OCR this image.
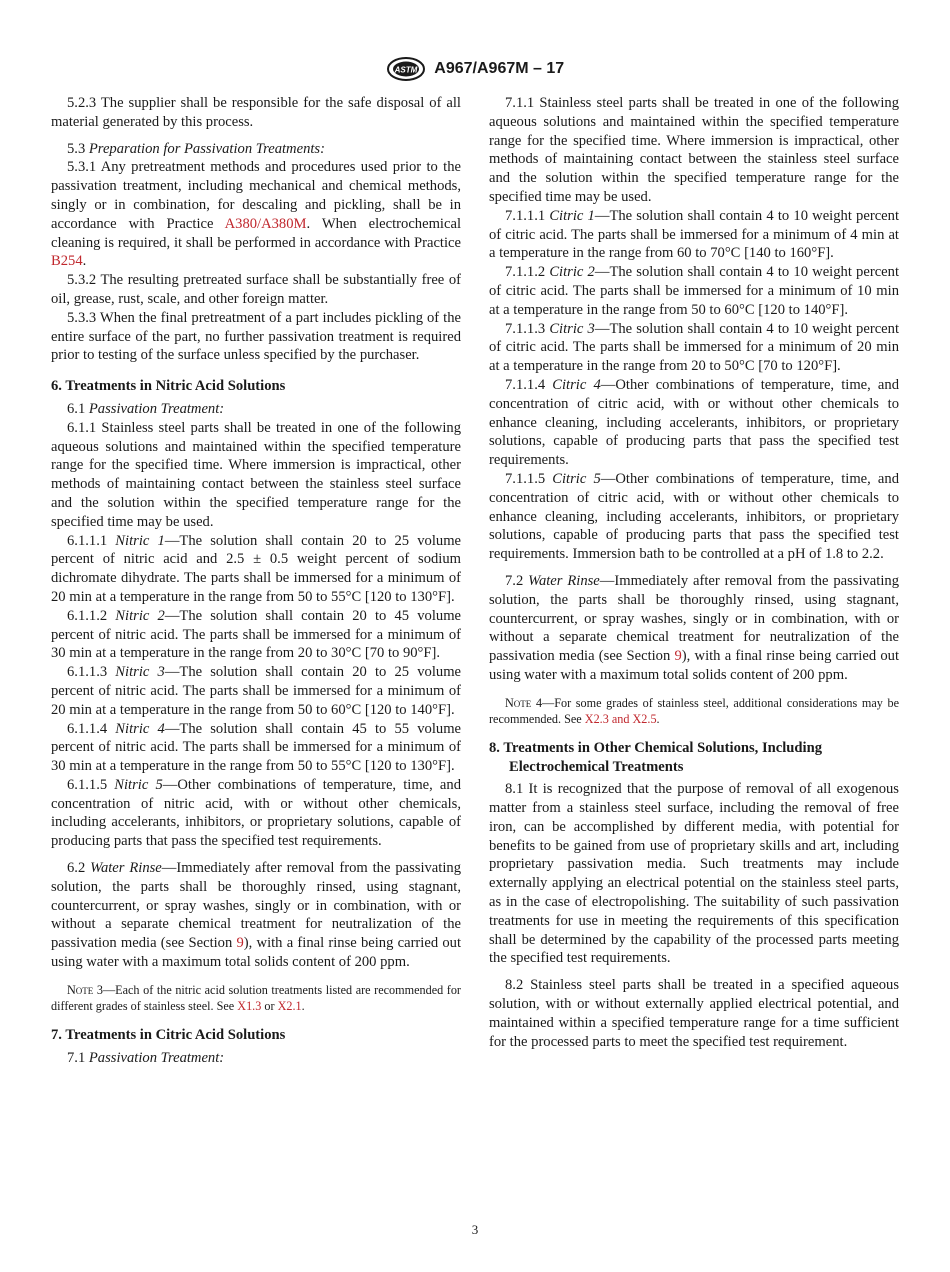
ASTM A967/A967M – 17

5.2.3 The supplier shall be responsible for the safe disposal of all material generated by this process.

5.3 Preparation for Passivation Treatments:

5.3.1 Any pretreatment methods and procedures used prior to the passivation treatment, including mechanical and chemical methods, singly or in combination, for descaling and pickling, shall be in accordance with Practice A380/A380M. When electrochemical cleaning is required, it shall be performed in accordance with Practice B254.

5.3.2 The resulting pretreated surface shall be substantially free of oil, grease, rust, scale, and other foreign matter.

5.3.3 When the final pretreatment of a part includes pickling of the entire surface of the part, no further passivation treatment is required prior to testing of the surface unless specified by the purchaser.

6. Treatments in Nitric Acid Solutions

6.1 Passivation Treatment:

6.1.1 Stainless steel parts shall be treated in one of the following aqueous solutions and maintained within the specified temperature range for the specified time. Where immersion is impractical, other methods of maintaining contact between the stainless steel surface and the solution within the specified temperature range for the specified time may be used.

6.1.1.1 Nitric 1—The solution shall contain 20 to 25 volume percent of nitric acid and 2.5 ± 0.5 weight percent of sodium dichromate dihydrate. The parts shall be immersed for a minimum of 20 min at a temperature in the range from 50 to 55°C [120 to 130°F].

6.1.1.2 Nitric 2—The solution shall contain 20 to 45 volume percent of nitric acid. The parts shall be immersed for a minimum of 30 min at a temperature in the range from 20 to 30°C [70 to 90°F].

6.1.1.3 Nitric 3—The solution shall contain 20 to 25 volume percent of nitric acid. The parts shall be immersed for a minimum of 20 min at a temperature in the range from 50 to 60°C [120 to 140°F].

6.1.1.4 Nitric 4—The solution shall contain 45 to 55 volume percent of nitric acid. The parts shall be immersed for a minimum of 30 min at a temperature in the range from 50 to 55°C [120 to 130°F].

6.1.1.5 Nitric 5—Other combinations of temperature, time, and concentration of nitric acid, with or without other chemicals, including accelerants, inhibitors, or proprietary solutions, capable of producing parts that pass the specified test requirements.

6.2 Water Rinse—Immediately after removal from the passivating solution, the parts shall be thoroughly rinsed, using stagnant, countercurrent, or spray washes, singly or in combination, with or without a separate chemical treatment for neutralization of the passivation media (see Section 9), with a final rinse being carried out using water with a maximum total solids content of 200 ppm.

Note 3—Each of the nitric acid solution treatments listed are recommended for different grades of stainless steel. See X1.3 or X2.1.
7. Treatments in Citric Acid Solutions

7.1 Passivation Treatment:

7.1.1 Stainless steel parts shall be treated in one of the following aqueous solutions and maintained within the specified temperature range for the specified time. Where immersion is impractical, other methods of maintaining contact between the stainless steel surface and the solution within the specified temperature range for the specified time may be used.

7.1.1.1 Citric 1—The solution shall contain 4 to 10 weight percent of citric acid. The parts shall be immersed for a minimum of 4 min at a temperature in the range from 60 to 70°C [140 to 160°F].

7.1.1.2 Citric 2—The solution shall contain 4 to 10 weight percent of citric acid. The parts shall be immersed for a minimum of 10 min at a temperature in the range from 50 to 60°C [120 to 140°F].

7.1.1.3 Citric 3—The solution shall contain 4 to 10 weight percent of citric acid. The parts shall be immersed for a minimum of 20 min at a temperature in the range from 20 to 50°C [70 to 120°F].

7.1.1.4 Citric 4—Other combinations of temperature, time, and concentration of citric acid, with or without other chemicals to enhance cleaning, including accelerants, inhibitors, or proprietary solutions, capable of producing parts that pass the specified test requirements.

7.1.1.5 Citric 5—Other combinations of temperature, time, and concentration of citric acid, with or without other chemicals to enhance cleaning, including accelerants, inhibitors, or proprietary solutions, capable of producing parts that pass the specified test requirements. Immersion bath to be controlled at a pH of 1.8 to 2.2.

7.2 Water Rinse—Immediately after removal from the passivating solution, the parts shall be thoroughly rinsed, using stagnant, countercurrent, or spray washes, singly or in combination, with or without a separate chemical treatment for neutralization of the passivation media (see Section 9), with a final rinse being carried out using water with a maximum total solids content of 200 ppm.

Note 4—For some grades of stainless steel, additional considerations may be recommended. See X2.3 and X2.5.
8. Treatments in Other Chemical Solutions, Including Electrochemical Treatments

8.1 It is recognized that the purpose of removal of all exogenous matter from a stainless steel surface, including the removal of free iron, can be accomplished by different media, with potential for benefits to be gained from use of proprietary skills and art, including proprietary passivation media. Such treatments may include externally applying an electrical potential on the stainless steel parts, as in the case of electropolishing. The suitability of such passivation treatments for use in meeting the requirements of this specification shall be determined by the capability of the processed parts meeting the specified test requirements.

8.2 Stainless steel parts shall be treated in a specified aqueous solution, with or without externally applied electrical potential, and maintained within a specified temperature range for a time sufficient for the processed parts to meet the specified test requirement.

3
